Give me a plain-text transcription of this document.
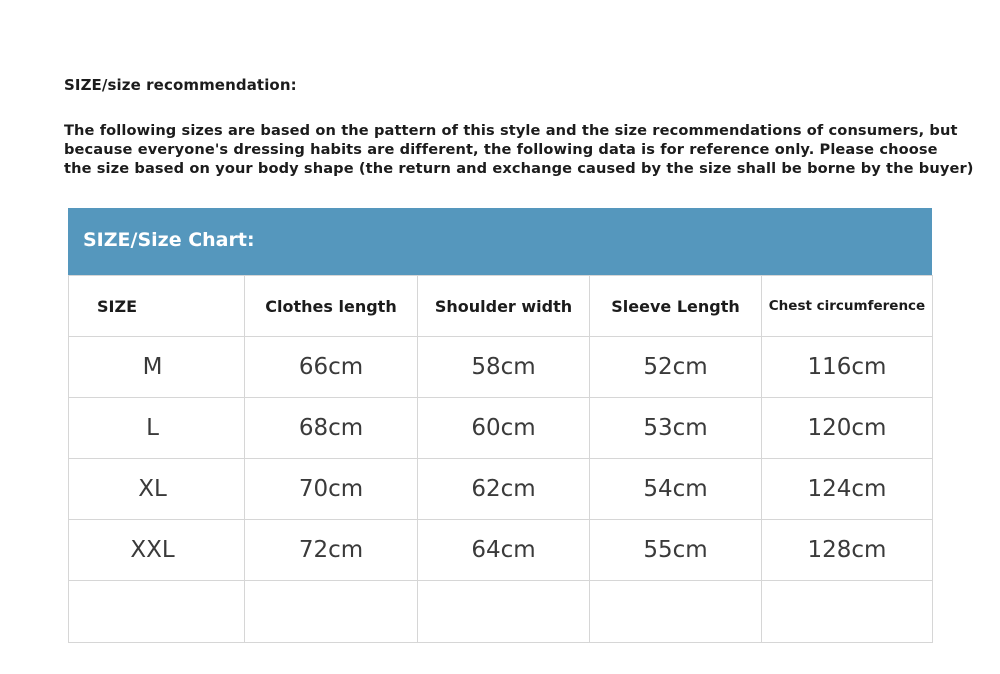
SIZE/size recommendation:
The following sizes are based on the pattern of this style and the size recommendations of consumers, but
because everyone's dressing habits are different, the following data is for reference only. Please choose
the size based on your body shape (the return and exchange caused by the size shall be borne by the buyer)
SIZE/Size Chart:
SIZE	Clothes length	Shoulder width	Sleeve Length	Chest circumference
M	66cm	58cm	52cm	116cm
L	68cm	60cm	53cm	120cm
XL	70cm	62cm	54cm	124cm
XXL	72cm	64cm	55cm	128cm
